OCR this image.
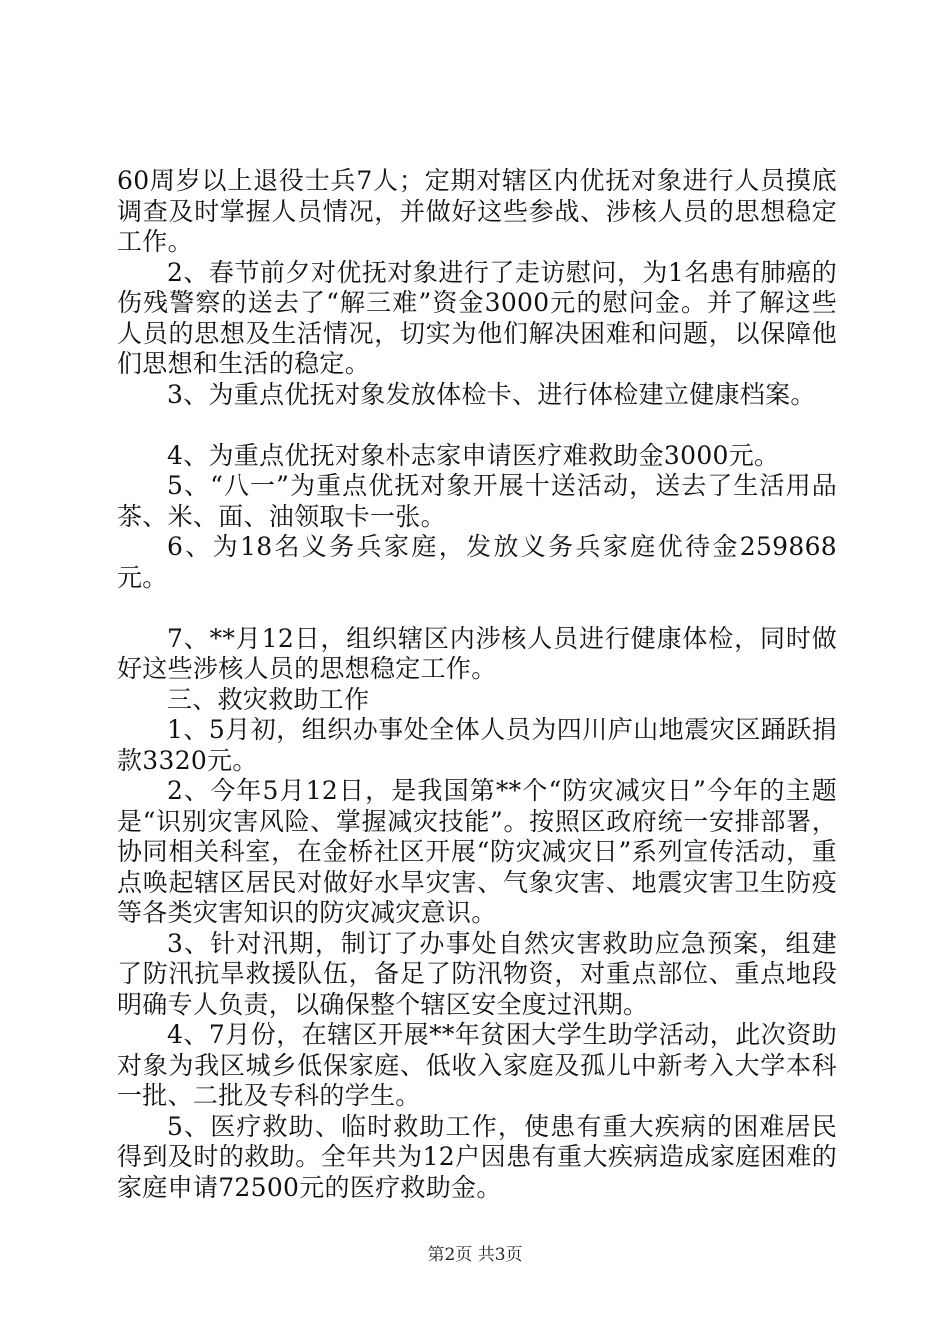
60周岁以上退役士兵7人；定期对辖区内优抚对象进行人员摸底调查及时掌握人员情况，并做好这些参战、涉核人员的思想稳定工作。

2、春节前夕对优抚对象进行了走访慰问，为1名患有肺癌的伤残警察的送去了“解三难”资金3000元的慰问金。并了解这些人员的思想及生活情况，切实为他们解决困难和问题，以保障他们思想和生活的稳定。

3、为重点优抚对象发放体检卡、进行体检建立健康档案。

4、为重点优抚对象朴志家申请医疗难救助金3000元。

5、“八一”为重点优抚对象开展十送活动，送去了生活用品茶、米、面、油领取卡一张。

6、为18名义务兵家庭，发放义务兵家庭优待金259868元。

7、**月12日，组织辖区内涉核人员进行健康体检，同时做好这些涉核人员的思想稳定工作。

三、救灾救助工作

1、5月初，组织办事处全体人员为四川庐山地震灾区踊跃捐款3320元。

2、今年5月12日，是我国第**个“防灾减灾日”今年的主题是“识别灾害风险、掌握减灾技能”。按照区政府统一安排部署，协同相关科室，在金桥社区开展“防灾减灾日”系列宣传活动，重点唤起辖区居民对做好水旱灾害、气象灾害、地震灾害卫生防疫等各类灾害知识的防灾减灾意识。

3、针对汛期，制订了办事处自然灾害救助应急预案，组建了防汛抗旱救援队伍，备足了防汛物资，对重点部位、重点地段明确专人负责，以确保整个辖区安全度过汛期。

4、7月份，在辖区开展**年贫困大学生助学活动，此次资助对象为我区城乡低保家庭、低收入家庭及孤儿中新考入大学本科一批、二批及专科的学生。

5、医疗救助、临时救助工作，使患有重大疾病的困难居民得到及时的救助。全年共为12户因患有重大疾病造成家庭困难的家庭申请72500元的医疗救助金。

第2页 共3页
